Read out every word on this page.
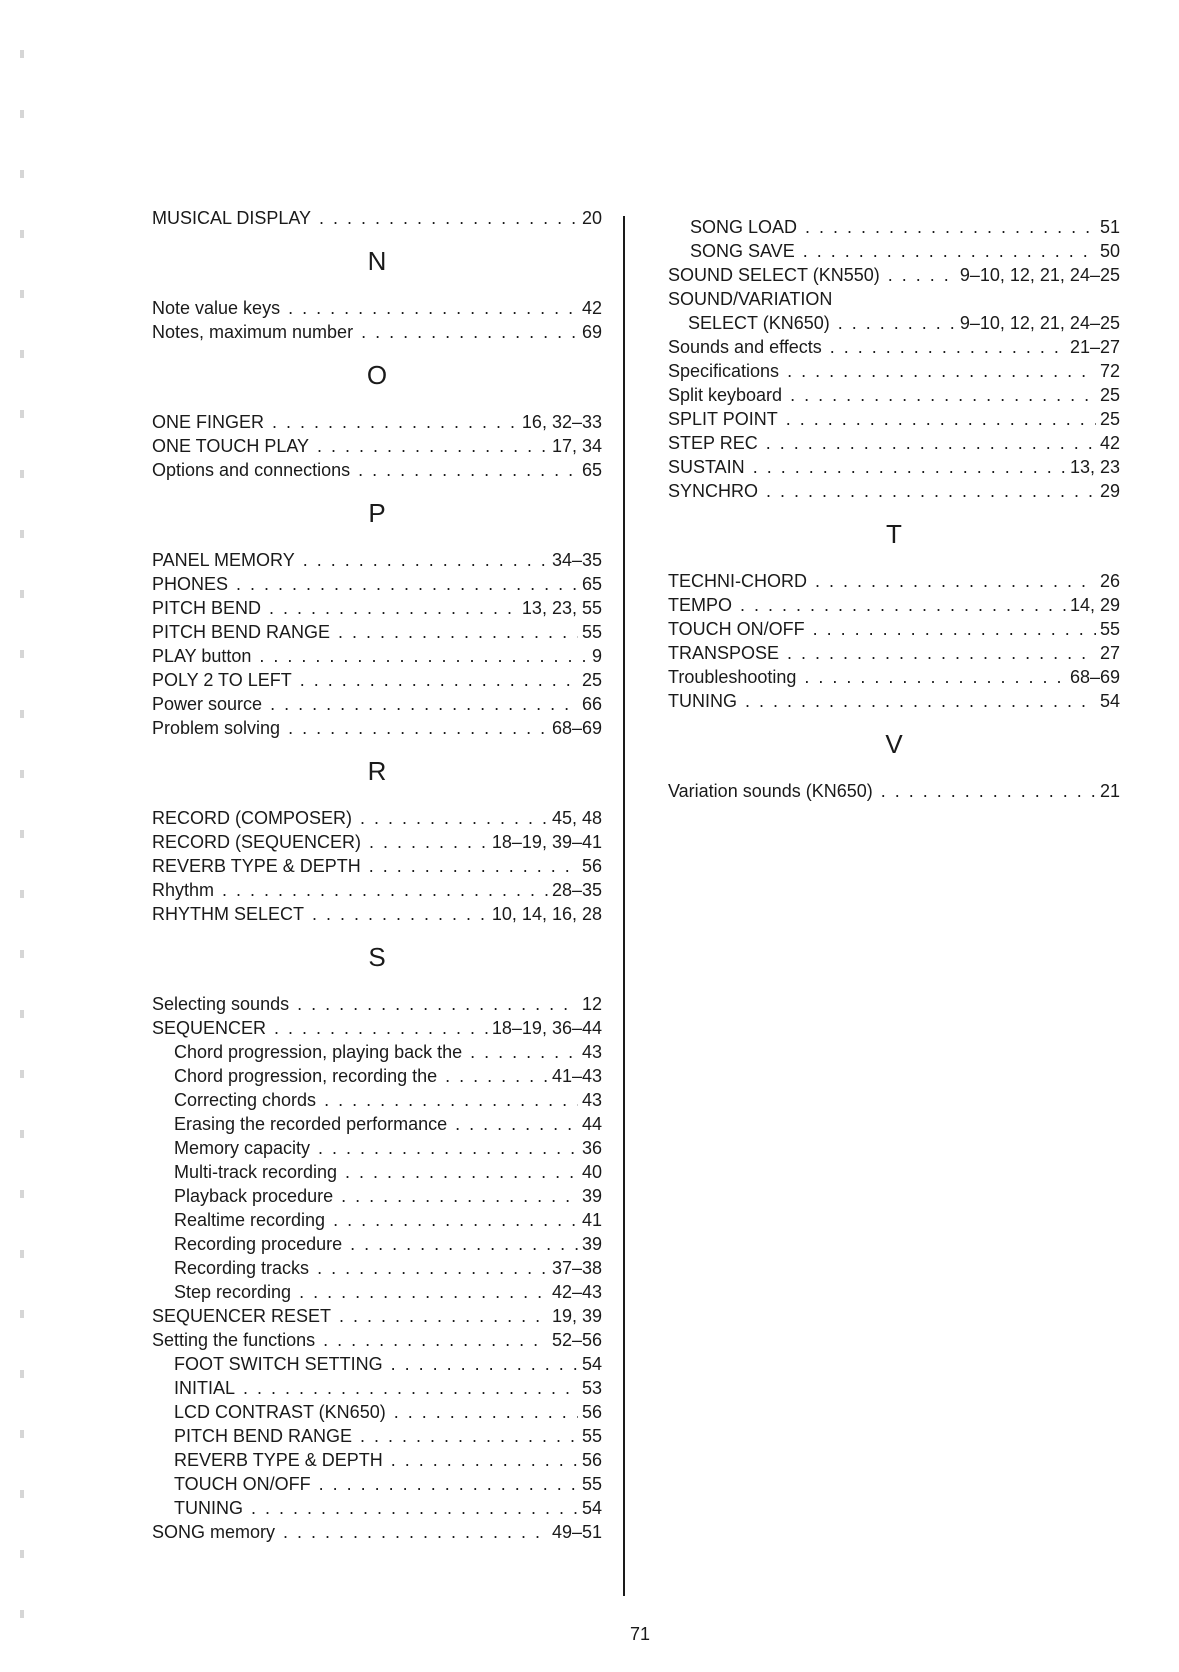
MUSICAL DISPLAY . . .	20
N
Note value keys . . .	42
Notes, maximum number . . .	69
O
ONE FINGER . . .	16, 32–33
ONE TOUCH PLAY . . .	17, 34
Options and connections . . .	65
P
PANEL MEMORY . . .	34–35
PHONES . . .	65
PITCH BEND . . .	13, 23, 55
PITCH BEND RANGE . . .	55
PLAY button . . .	9
POLY 2 TO LEFT . . .	25
Power source . . .	66
Problem solving . . .	68–69
R
RECORD (COMPOSER) . . .	45, 48
RECORD (SEQUENCER) . . .	18–19, 39–41
REVERB TYPE & DEPTH . . .	56
Rhythm . . .	28–35
RHYTHM SELECT . . .	10, 14, 16, 28
S
Selecting sounds . . .	12
SEQUENCER . . .	18–19, 36–44
Chord progression, playing back the . . .	43
Chord progression, recording the . . .	41–43
Correcting chords . . .	43
Erasing the recorded performance . . .	44
Memory capacity . . .	36
Multi-track recording . . .	40
Playback procedure . . .	39
Realtime recording . . .	41
Recording procedure . . .	39
Recording tracks . . .	37–38
Step recording . . .	42–43
SEQUENCER RESET . . .	19, 39
Setting the functions . . .	52–56
FOOT SWITCH SETTING . . .	54
INITIAL . . .	53
LCD CONTRAST (KN650) . . .	56
PITCH BEND RANGE . . .	55
REVERB TYPE & DEPTH . . .	56
TOUCH ON/OFF . . .	55
TUNING . . .	54
SONG memory . . .	49–51
SONG LOAD . . .	51
SONG SAVE . . .	50
SOUND SELECT (KN550) . . .	9–10, 12, 21, 24–25
SOUND/VARIATION
SELECT (KN650) . . .	9–10, 12, 21, 24–25
Sounds and effects . . .	21–27
Specifications . . .	72
Split keyboard . . .	25
SPLIT POINT . . .	25
STEP REC . . .	42
SUSTAIN . . .	13, 23
SYNCHRO . . .	29
T
TECHNI-CHORD . . .	26
TEMPO . . .	14, 29
TOUCH ON/OFF . . .	55
TRANSPOSE . . .	27
Troubleshooting . . .	68–69
TUNING . . .	54
V
Variation sounds (KN650) . . .	21
71
